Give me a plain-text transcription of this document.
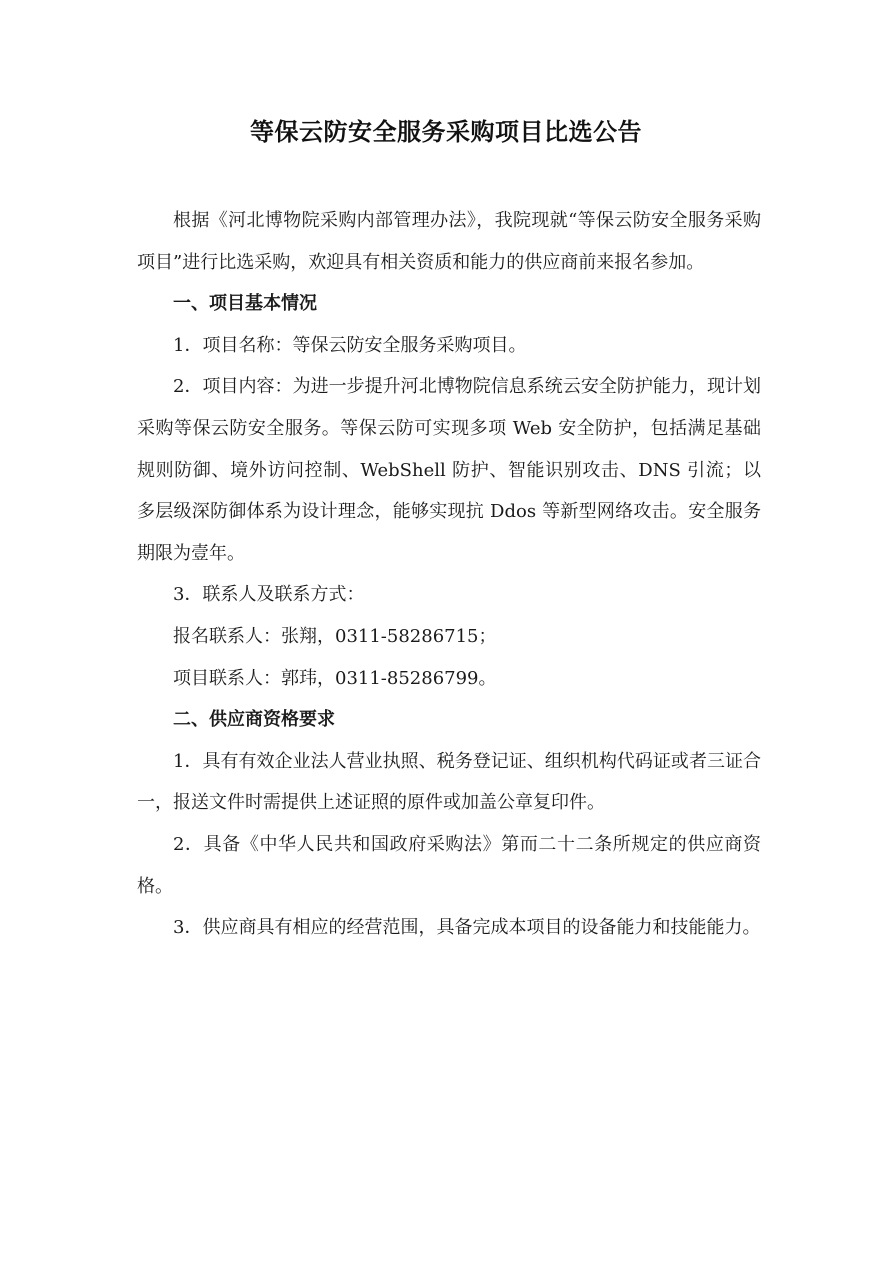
等保云防安全服务采购项目比选公告

根据《河北博物院采购内部管理办法》，我院现就“等保云防安全服务采购项目”进行比选采购，欢迎具有相关资质和能力的供应商前来报名参加。

一、项目基本情况

1．项目名称：等保云防安全服务采购项目。

2．项目内容：为进一步提升河北博物院信息系统云安全防护能力，现计划采购等保云防安全服务。等保云防可实现多项 Web 安全防护，包括满足基础规则防御、境外访问控制、WebShell 防护、智能识别攻击、DNS 引流；以多层级深防御体系为设计理念，能够实现抗 Ddos 等新型网络攻击。安全服务期限为壹年。

3．联系人及联系方式：

报名联系人：张翔，0311-58286715；

项目联系人：郭玮，0311-85286799。

二、供应商资格要求

1．具有有效企业法人营业执照、税务登记证、组织机构代码证或者三证合一，报送文件时需提供上述证照的原件或加盖公章复印件。

2．具备《中华人民共和国政府采购法》第而二十二条所规定的供应商资格。

3．供应商具有相应的经营范围，具备完成本项目的设备能力和技能能力。
